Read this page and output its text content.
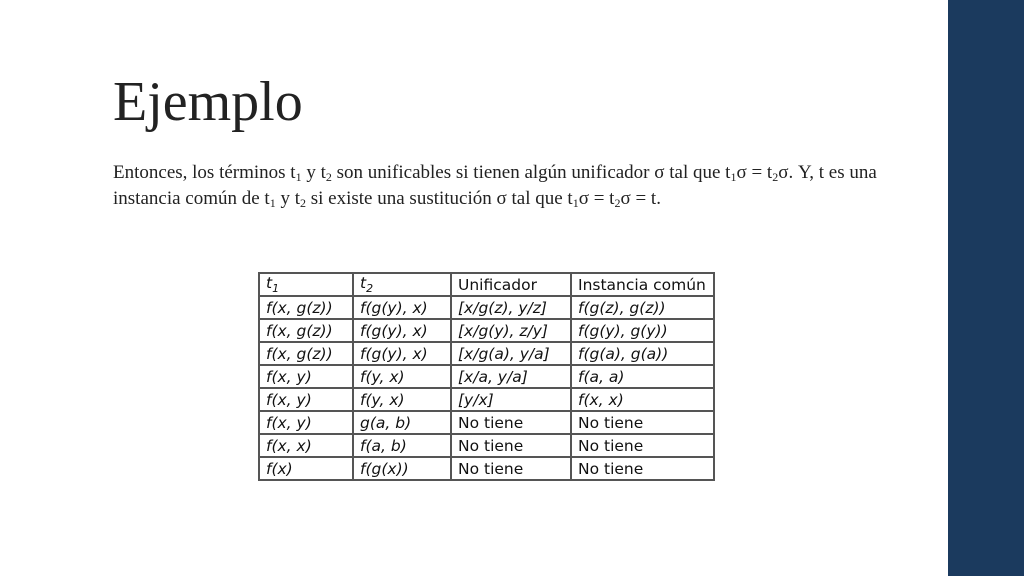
Ejemplo

Entonces, los términos $t_1$ y $t_2$ son unificables si tienen algún unificador σ tal que $t_1\sigma = t_2\sigma$. Y, t es una instancia común de $t_1$ y $t_2$ si existe una sustitución σ tal que $t_1\sigma = t_2\sigma = t$.

$t_1$	$t_2$	Unificador	Instancia común
f(x, g(z))	f(g(y), x)	[x/g(z), y/z]	f(g(z), g(z))
f(x, g(z))	f(g(y), x)	[x/g(y), z/y]	f(g(y), g(y))
f(x, g(z))	f(g(y), x)	[x/g(a), y/a]	f(g(a), g(a))
f(x, y)	f(y, x)	[x/a, y/a]	f(a, a)
f(x, y)	f(y, x)	[y/x]	f(x, x)
f(x, y)	g(a, b)	No tiene	No tiene
f(x, x)	f(a, b)	No tiene	No tiene
f(x)	f(g(x))	No tiene	No tiene
